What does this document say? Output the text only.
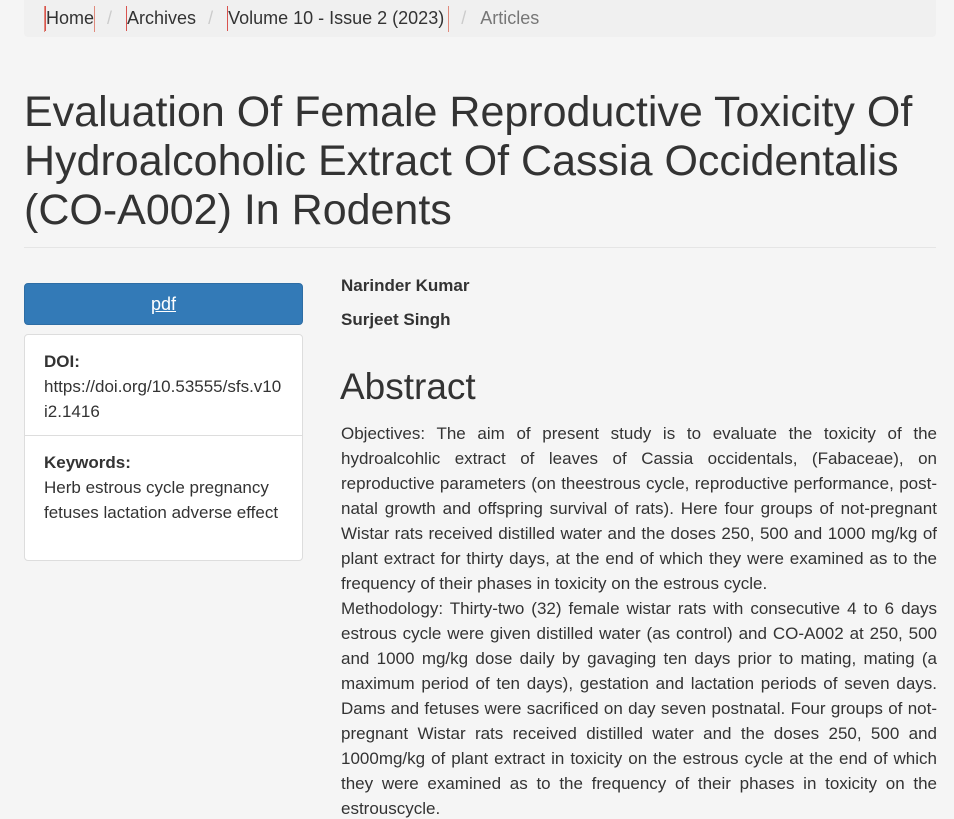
Home / Archives / Volume 10 - Issue 2 (2023) / Articles
Evaluation Of Female Reproductive Toxicity Of Hydroalcoholic Extract Of Cassia Occidentalis (CO-A002) In Rodents
pdf
DOI:
https://doi.org/10.53555/sfs.v10i2.1416
Keywords:
Herb estrous cycle pregnancy fetuses lactation adverse effect
Narinder Kumar
Surjeet Singh
Abstract

Objectives: The aim of present study is to evaluate the toxicity of the hydroalcohlic extract of leaves of Cassia occidentals, (Fabaceae), on reproductive parameters (on theestrous cycle, reproductive performance, post-natal growth and offspring survival of rats). Here four groups of not-pregnant Wistar rats received distilled water and the doses 250, 500 and 1000 mg/kg of plant extract for thirty days, at the end of which they were examined as to the frequency of their phases in toxicity on the estrous cycle.

Methodology: Thirty-two (32) female wistar rats with consecutive 4 to 6 days estrous cycle were given distilled water (as control) and CO-A002 at 250, 500 and 1000 mg/kg dose daily by gavaging ten days prior to mating, mating (a maximum period of ten days), gestation and lactation periods of seven days. Dams and fetuses were sacrificed on day seven postnatal. Four groups of not-pregnant Wistar rats received distilled water and the doses 250, 500 and 1000mg/kg of plant extract in toxicity on the estrous cycle at the end of which they were examined as to the frequency of their phases in toxicity on the estrouscycle.
